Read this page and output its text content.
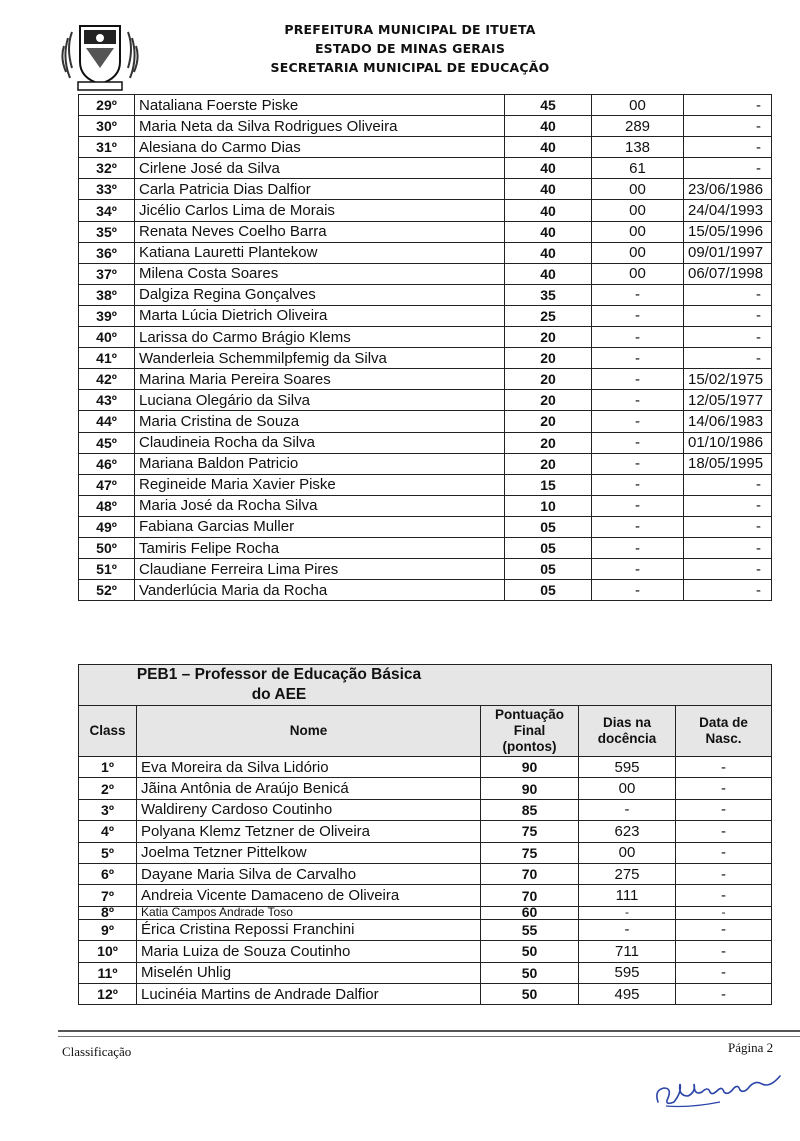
PREFEITURA MUNICIPAL DE ITUETA
ESTADO DE MINAS GERAIS
SECRETARIA MUNICIPAL DE EDUCAÇÃO
29º	Nataliana Foerste Piske	45	00	-
30º	Maria Neta da Silva Rodrigues Oliveira	40	289	-
31º	Alesiana do Carmo Dias	40	138	-
32º	Cirlene José da Silva	40	61	-
33º	Carla Patricia Dias Dalfior	40	00	23/06/1986
34º	Jicélio Carlos Lima de Morais	40	00	24/04/1993
35º	Renata Neves Coelho Barra	40	00	15/05/1996
36º	Katiana Lauretti Plantekow	40	00	09/01/1997
37º	Milena Costa Soares	40	00	06/07/1998
38º	Dalgiza Regina Gonçalves	35	-	-
39º	Marta Lúcia Dietrich Oliveira	25	-	-
40º	Larissa do Carmo Brágio Klems	20	-	-
41º	Wanderleia Schemmilpfemig da Silva	20	-	-
42º	Marina Maria Pereira Soares	20	-	15/02/1975
43º	Luciana Olegário da Silva	20	-	12/05/1977
44º	Maria Cristina de Souza	20	-	14/06/1983
45º	Claudineia Rocha da Silva	20	-	01/10/1986
46º	Mariana Baldon Patricio	20	-	18/05/1995
47º	Regineide Maria Xavier Piske	15	-	-
48º	Maria José da Rocha Silva	10	-	-
49º	Fabiana Garcias Muller	05	-	-
50º	Tamiris Felipe Rocha	05	-	-
51º	Claudiane Ferreira Lima Pires	05	-	-
52º	Vanderlúcia Maria da Rocha	05	-	-
PEB1 – Professor de Educação Básica
do AEE				

Class	Nome	Pontuação Final (pontos)	Dias na docência	Data de Nasc.
1º	Eva Moreira da Silva Lidório	90	595	-
2º	Jãina Antônia de Araújo Benicá	90	00	-
3º	Waldireny Cardoso Coutinho	85	-	-
4º	Polyana Klemz Tetzner de Oliveira	75	623	-
5º	Joelma Tetzner Pittelkow	75	00	-
6º	Dayane Maria Silva de Carvalho	70	275	-
7º	Andreia Vicente Damaceno de Oliveira	70	111	-
8º	Katia Campos Andrade Toso	60	-	-
9º	Érica Cristina Repossi Franchini	55	-	-
10º	Maria Luiza de Souza Coutinho	50	711	-
11º	Miselén Uhlig	50	595	-
12º	Lucinéia Martins de Andrade Dalfior	50	495	-
Classificação	Página 2
